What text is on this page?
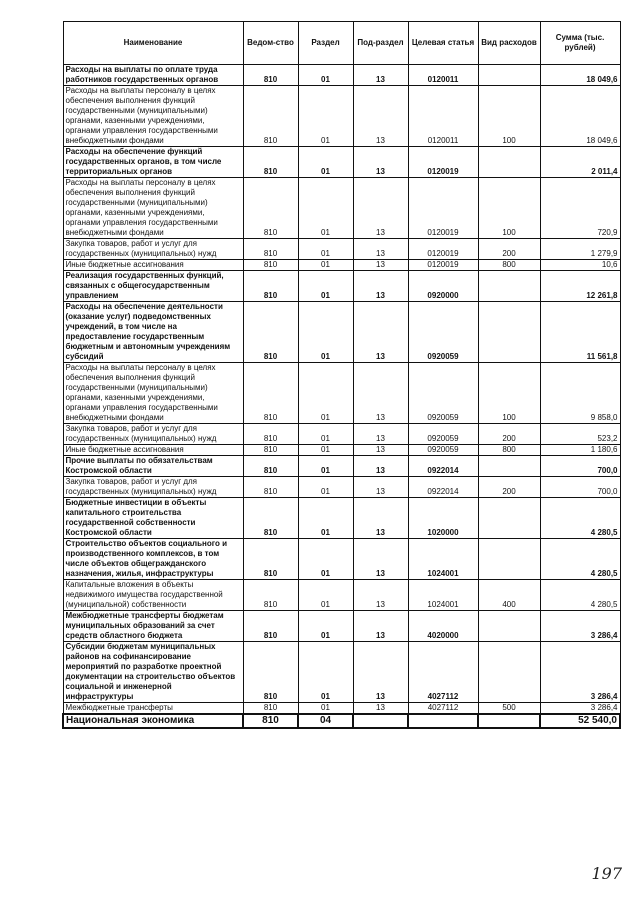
Наименование	Ведом-ство	Раздел	Под-раздел	Целевая статья	Вид расходов	Сумма (тыс. рублей)
Расходы на выплаты по оплате труда работников государственных органов	810	01	13	0120011		18 049,6
Расходы на выплаты персоналу в целях обеспечения выполнения функций государственными (муниципальными) органами, казенными учреждениями, органами управления государственными внебюджетными фондами	810	01	13	0120011	100	18 049,6
Расходы на обеспечение функций государственных органов, в том числе территориальных органов	810	01	13	0120019		2 011,4
Расходы на выплаты персоналу в целях обеспечения выполнения функций государственными (муниципальными) органами, казенными учреждениями, органами управления государственными внебюджетными фондами	810	01	13	0120019	100	720,9
Закупка товаров, работ и услуг для государственных (муниципальных) нужд	810	01	13	0120019	200	1 279,9
Иные бюджетные ассигнования	810	01	13	0120019	800	10,6
Реализация государственных функций, связанных с общегосударственным управлением	810	01	13	0920000		12 261,8
Расходы на обеспечение деятельности (оказание услуг) подведомственных учреждений, в том числе на предоставление государственным бюджетным и автономным учреждениям субсидий	810	01	13	0920059		11 561,8
Расходы на выплаты персоналу в целях обеспечения выполнения функций государственными (муниципальными) органами, казенными учреждениями, органами управления государственными внебюджетными фондами	810	01	13	0920059	100	9 858,0
Закупка товаров, работ и услуг для государственных (муниципальных) нужд	810	01	13	0920059	200	523,2
Иные бюджетные ассигнования	810	01	13	0920059	800	1 180,6
Прочие выплаты по обязательствам Костромской области	810	01	13	0922014		700,0
Закупка товаров, работ и услуг для государственных (муниципальных) нужд	810	01	13	0922014	200	700,0
Бюджетные инвестиции в объекты капитального строительства государственной собственности Костромской области	810	01	13	1020000		4 280,5
Строительство объектов социального и производственного комплексов, в том числе объектов общегражданского назначения, жилья, инфраструктуры	810	01	13	1024001		4 280,5
Капитальные вложения в объекты недвижимого имущества государственной (муниципальной) собственности	810	01	13	1024001	400	4 280,5
Межбюджетные трансферты бюджетам муниципальных образований за счет средств областного бюджета	810	01	13	4020000		3 286,4
Субсидии бюджетам муниципальных районов на софинансирование мероприятий по разработке проектной документации на строительство объектов социальной и инженерной инфраструктуры	810	01	13	4027112		3 286,4
Межбюджетные трансферты	810	01	13	4027112	500	3 286,4
Национальная экономика	810	04				52 540,0
197
